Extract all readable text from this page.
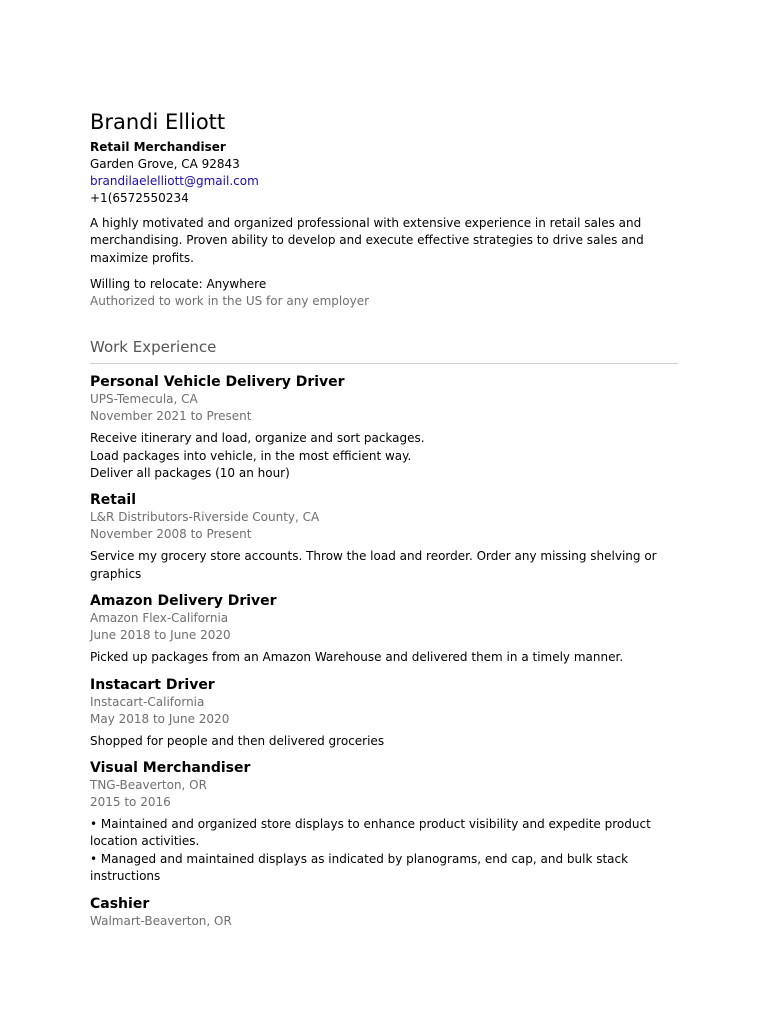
Brandi Elliott
Retail Merchandiser
Garden Grove, CA 92843
brandilaelelliott@gmail.com
+1(6572550234
A highly motivated and organized professional with extensive experience in retail sales and merchandising. Proven ability to develop and execute effective strategies to drive sales and maximize profits.
Willing to relocate: Anywhere
Authorized to work in the US for any employer
Work Experience
Personal Vehicle Delivery Driver
UPS-Temecula, CA
November 2021 to Present
Receive itinerary and load, organize and sort packages.
Load packages into vehicle, in the most efficient way.
Deliver all packages (10 an hour)
Retail
L&R Distributors-Riverside County, CA
November 2008 to Present
Service my grocery store accounts. Throw the load and reorder. Order any missing shelving or graphics
Amazon Delivery Driver
Amazon Flex-California
June 2018 to June 2020
Picked up packages from an Amazon Warehouse and delivered them in a timely manner.
Instacart Driver
Instacart-California
May 2018 to June 2020
Shopped for people and then delivered groceries
Visual Merchandiser
TNG-Beaverton, OR
2015 to 2016
• Maintained and organized store displays to enhance product visibility and expedite product location activities.
• Managed and maintained displays as indicated by planograms, end cap, and bulk stack instructions
Cashier
Walmart-Beaverton, OR
